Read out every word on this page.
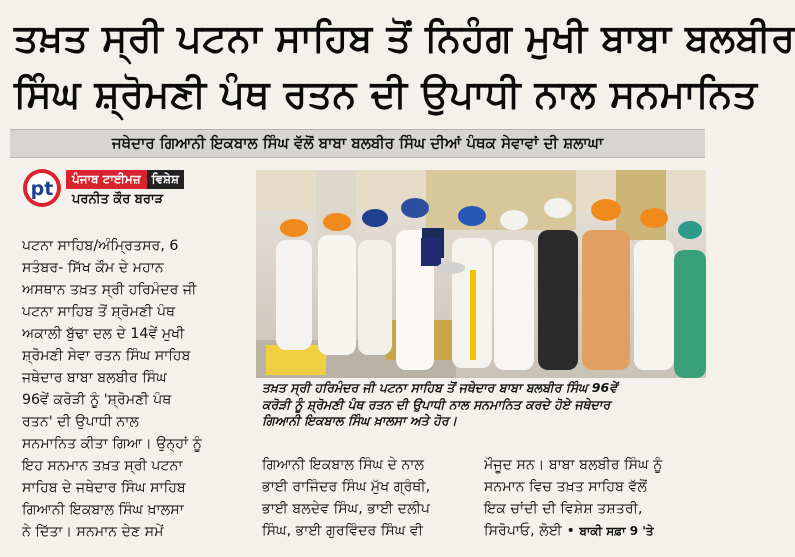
ਤਖ਼ਤ ਸ੍ਰੀ ਪਟਨਾ ਸਾਹਿਬ ਤੋਂ ਨਿਹੰਗ ਮੁਖੀ ਬਾਬਾ ਬਲਬੀਰ
ਸਿੰਘ ਸ਼੍ਰੋਮਣੀ ਪੰਥ ਰਤਨ ਦੀ ਉਪਾਧੀ ਨਾਲ ਸਨਮਾਨਿਤ
ਜਥੇਦਾਰ ਗਿਆਨੀ ਇਕਬਾਲ ਸਿੰਘ ਵੱਲੋਂ ਬਾਬਾ ਬਲਬੀਰ ਸਿੰਘ ਦੀਆਂ ਪੰਥਕ ਸੇਵਾਵਾਂ ਦੀ ਸ਼ਲਾਘਾ
pt	ਪੰਜਾਬ ਟਾਈਮਜ਼ ਵਿਸ਼ੇਸ਼
ਪਰਨੀਤ ਕੌਰ ਬਰਾੜ
ਪਟਨਾ ਸਾਹਿਬ/ਅੰਮ੍ਰਿਤਸਰ, 6
ਸਤੰਬਰ- ਸਿੱਖ ਕੌਮ ਦੇ ਮਹਾਨ
ਅਸਥਾਨ ਤਖ਼ਤ ਸ੍ਰੀ ਹਰਿਮੰਦਰ ਜੀ
ਪਟਨਾ ਸਾਹਿਬ ਤੋਂ ਸ਼੍ਰੋਮਣੀ ਪੰਥ
ਅਕਾਲੀ ਬੁੱਢਾ ਦਲ ਦੇ 14ਵੇਂ ਮੁਖੀ
ਸ਼੍ਰੋਮਣੀ ਸੇਵਾ ਰਤਨ ਸਿੰਘ ਸਾਹਿਬ
ਜਥੇਦਾਰ ਬਾਬਾ ਬਲਬੀਰ ਸਿੰਘ
96ਵੇਂ ਕਰੋੜੀ ਨੂੰ 'ਸ਼੍ਰੋਮਣੀ ਪੰਥ
ਰਤਨ' ਦੀ ਉਪਾਧੀ ਨਾਲ
ਸਨਮਾਨਿਤ ਕੀਤਾ ਗਿਆ। ਉਨ੍ਹਾਂ ਨੂੰ
ਇਹ ਸਨਮਾਨ ਤਖ਼ਤ ਸ੍ਰੀ ਪਟਨਾ
ਸਾਹਿਬ ਦੇ ਜਥੇਦਾਰ ਸਿੰਘ ਸਾਹਿਬ
ਗਿਆਨੀ ਇਕਬਾਲ ਸਿੰਘ ਖ਼ਾਲਸਾ
ਨੇ ਦਿੱਤਾ। ਸਨਮਾਨ ਦੇਣ ਸਮੇਂ
ਤਖ਼ਤ ਸ੍ਰੀ ਹਰਿਮੰਦਰ ਜੀ ਪਟਨਾ ਸਾਹਿਬ ਤੋਂ ਜਥੇਦਾਰ ਬਾਬਾ ਬਲਬੀਰ ਸਿੰਘ 96ਵੇਂ
ਕਰੋੜੀ ਨੂੰ ਸ਼੍ਰੋਮਣੀ ਪੰਥ ਰਤਨ ਦੀ ਉਪਾਧੀ ਨਾਲ ਸਨਮਾਨਿਤ ਕਰਦੇ ਹੋਏ ਜਥੇਦਾਰ
ਗਿਆਨੀ ਇਕਬਾਲ ਸਿੰਘ ਖ਼ਾਲਸਾ ਅਤੇ ਹੋਰ।
ਗਿਆਨੀ ਇਕਬਾਲ ਸਿੰਘ ਦੇ ਨਾਲ
ਭਾਈ ਰਾਜਿੰਦਰ ਸਿੰਘ ਮੁੱਖ ਗ੍ਰੰਥੀ,
ਭਾਈ ਬਲਦੇਵ ਸਿੰਘ, ਭਾਈ ਦਲੀਪ
ਸਿੰਘ, ਭਾਈ ਗੁਰਵਿੰਦਰ ਸਿੰਘ ਵੀ
ਮੌਜੂਦ ਸਨ। ਬਾਬਾ ਬਲਬੀਰ ਸਿੰਘ ਨੂੰ
ਸਨਮਾਨ ਵਿਚ ਤਖ਼ਤ ਸਾਹਿਬ ਵੱਲੋਂ
ਇਕ ਚਾਂਦੀ ਦੀ ਵਿਸ਼ੇਸ਼ ਤਸ਼ਤਰੀ,
ਸਿਰੋਪਾਓ, ਲੋਈ • ਬਾਕੀ ਸਫ਼ਾ 9 'ਤੇ
